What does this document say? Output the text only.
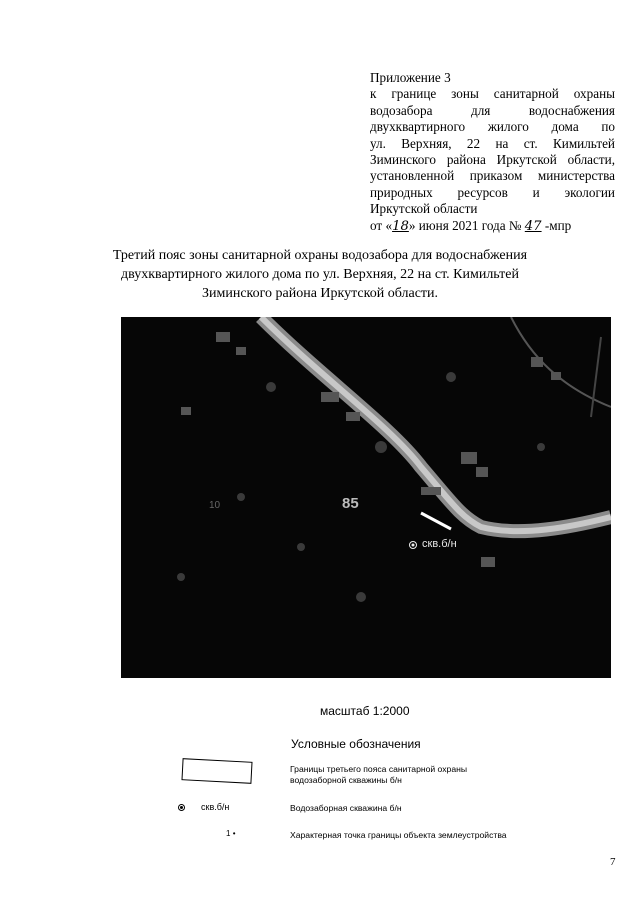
Приложение 3
к границе зоны санитарной охраны
водозабора для водоснабжения
двухквартирного жилого дома по
ул. Верхняя, 22 на ст. Кимильтей
Зиминского района Иркутской области,
установленной приказом министерства
природных ресурсов и экологии
Иркутской области
от «18» июня 2021 года № 47 -мпр
Третий пояс зоны санитарной охраны водозабора для водоснабжения
двухквартирного жилого дома по ул. Верхняя, 22 на ст. Кимильтей
Зиминского района Иркутской области.
85
10
скв.б/н
масштаб 1:2000
Условные обозначения
Границы третьего пояса санитарной охраны водозаборной скважины б/н
скв.б/н	Водозаборная скважина б/н
1 •	Характерная точка границы объекта землеустройства
7
